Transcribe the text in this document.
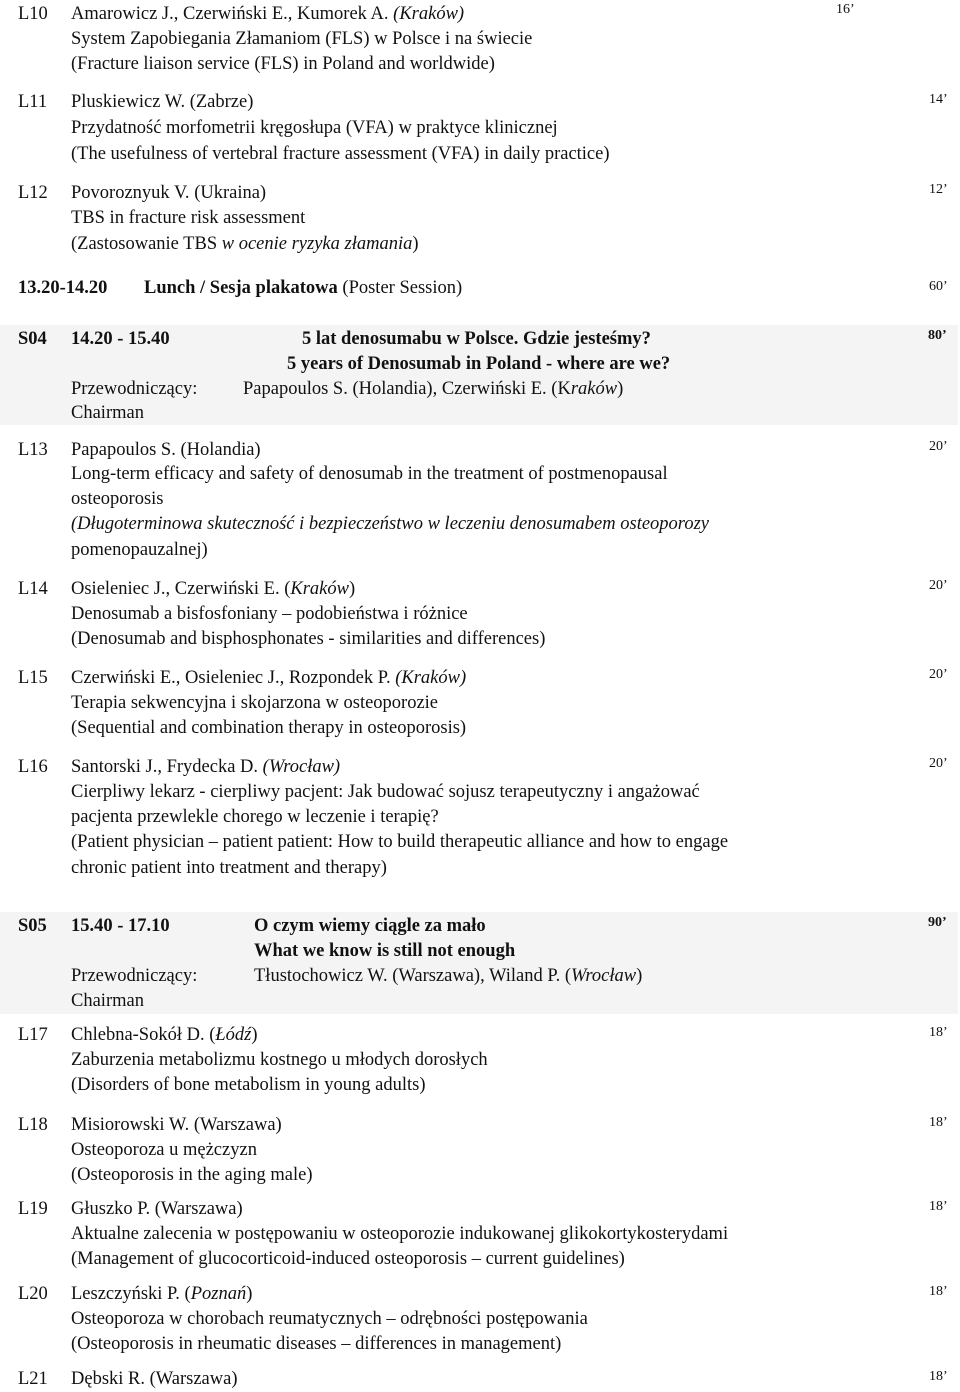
L10 Amarowicz J., Czerwiński E., Kumorek A. (Kraków)
System Zapobiegania Złamaniom (FLS) w Polsce i na świecie
(Fracture liaison service (FLS) in Poland and worldwide)
16’
L11 Pluskiewicz W. (Zabrze)
Przydatność morfometrii kręgosłupa (VFA) w praktyce klinicznej
(The usefulness of vertebral fracture assessment (VFA) in daily practice)
14’
L12 Povoroznyuk V. (Ukraina)
TBS in fracture risk assessment
(Zastosowanie TBS w ocenie ryzyka złamania)
12’
13.20-14.20 Lunch / Sesja plakatowa (Poster Session)	60’
S04 14.20 - 15.40	5 lat denosumabu w Polsce. Gdzie jesteśmy?
5 years of Denosumab in Poland - where are we?
Przewodniczący: Papapoulos S. (Holandia), Czerwiński E. (Kraków)
Chairman
80’
L13 Papapoulos S. (Holandia)
Long-term efficacy and safety of denosumab in the treatment of postmenopausal
osteoporosis
(Długoterminowa skuteczność i bezpieczeństwo w leczeniu denosumabem osteoporozy
pomenopauzalnej)
20’
L14 Osieleniec J., Czerwiński E. (Kraków)
Denosumab a bisfosfoniany – podobieństwa i różnice
(Denosumab and bisphosphonates - similarities and differences)
20’
L15 Czerwiński E., Osieleniec J., Rozpondek P. (Kraków)
Terapia sekwencyjna i skojarzona w osteoporozie
(Sequential and combination therapy in osteoporosis)
20’
L16 Santorski J., Frydecka D. (Wrocław)
Cierpliwy lekarz - cierpliwy pacjent: Jak budować sojusz terapeutyczny i angażować
pacjenta przewlekle chorego w leczenie i terapię?
(Patient physician – patient patient: How to build therapeutic alliance and how to engage
chronic patient into treatment and therapy)
20’
S05 15.40 - 17.10	O czym wiemy ciągle za mało
What we know is still not enough
Przewodniczący:	Tłustochowicz W. (Warszawa), Wiland P. (Wrocław)
Chairman
90’
L17 Chlebna-Sokół D. (Łódź)
Zaburzenia metabolizmu kostnego u młodych dorosłych
(Disorders of bone metabolism in young adults)
18’
L18 Misiorowski W. (Warszawa)
Osteoporoza u mężczyzn
(Osteoporosis in the aging male)
18’
L19 Głuszko P. (Warszawa)
Aktualne zalecenia w postępowaniu w osteoporozie indukowanej glikokortykosterydami
(Management of glucocorticoid-induced osteoporosis – current guidelines)
18’
L20 Leszczyński P. (Poznań)
Osteoporoza w chorobach reumatycznych – odrębności postępowania
(Osteoporosis in rheumatic diseases – differences in management)
18’
L21 Dębski R. (Warszawa)	18’
